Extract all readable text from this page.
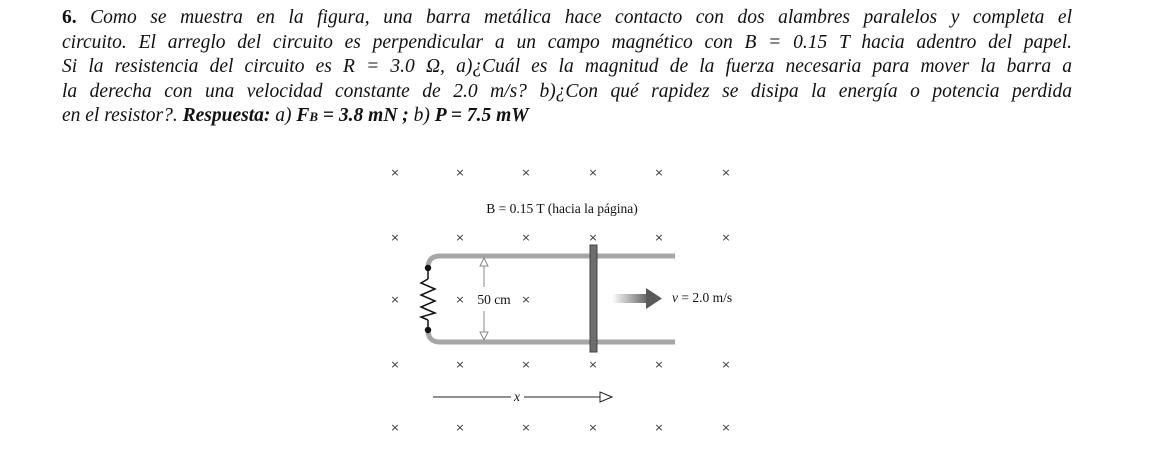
6. Como se muestra en la figura, una barra metálica hace contacto con dos alambres paralelos y completa el
circuito. El arreglo del circuito es perpendicular a un campo magnético con B = 0.15 T hacia adentro del papel.
Si la resistencia del circuito es R = 3.0 Ω, a)¿Cuál es la magnitud de la fuerza necesaria para mover la barra a
la derecha con una velocidad constante de 2.0 m/s? b)¿Con qué rapidez se disipa la energía o potencia perdida
en el resistor?. Respuesta: a) FB = 3.8 mN ; b) P = 7.5 mW
×	×	×	×	×	×
×	×	×	×	×	×
×	×	×
×	×	×	×	×	×
×	×	×	×	×	×
B = 0.15 T (hacia la página)
50 cm	v = 2.0 m/s
x
